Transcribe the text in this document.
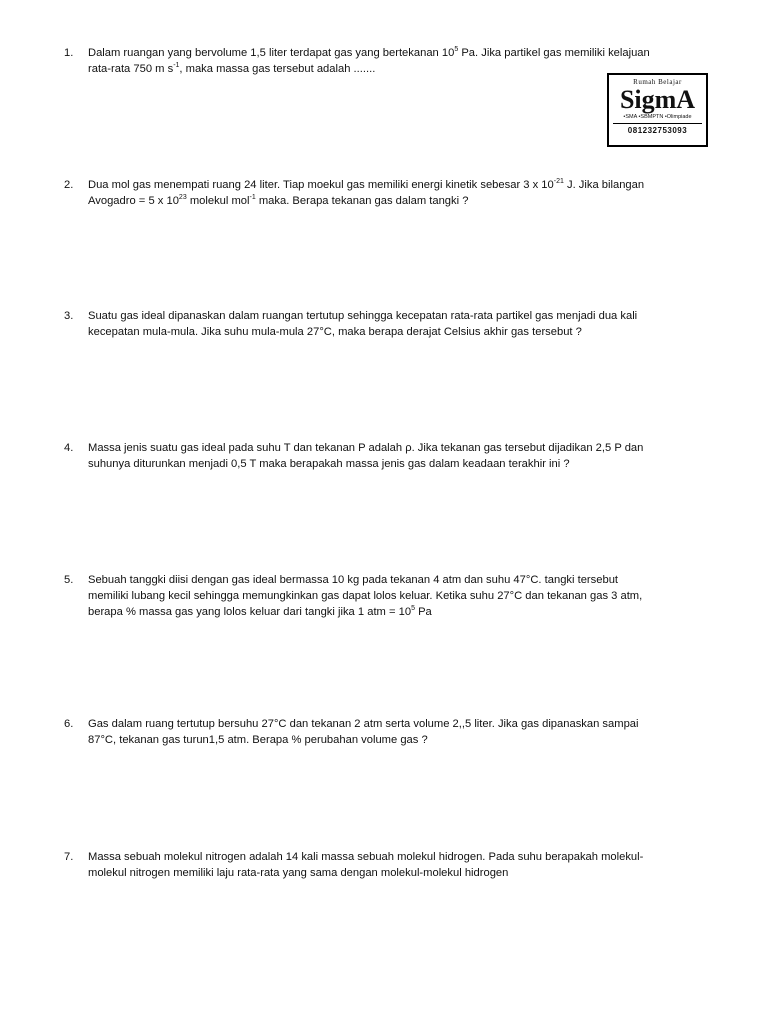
Rumah Belajar
SigmA
•SMA •SBMPTN •Olimpiade
081232753093
1.	Dalam ruangan yang bervolume 1,5 liter terdapat gas yang bertekanan $10^5$ Pa. Jika partikel gas memiliki kelajuan
rata-rata 750 m $s^{-1}$, maka massa gas tersebut adalah .......
2.	Dua mol gas menempati ruang 24 liter. Tiap moekul gas memiliki energi kinetik sebesar 3 x $10^{-21}$ J. Jika bilangan
Avogadro = 5 x $10^{23}$ molekul mol$^{-1}$ maka. Berapa tekanan gas dalam tangki ?
3.	Suatu gas ideal dipanaskan dalam ruangan tertutup sehingga kecepatan rata-rata partikel gas menjadi dua kali
kecepatan mula-mula. Jika suhu mula-mula 27°C, maka berapa derajat Celsius akhir gas tersebut ?
4.	Massa jenis suatu gas ideal pada suhu T dan tekanan P adalah ρ. Jika tekanan gas tersebut dijadikan 2,5 P dan
suhunya diturunkan menjadi 0,5 T maka berapakah massa jenis gas dalam keadaan terakhir ini ?
5.	Sebuah tanggki diisi dengan gas ideal bermassa 10 kg pada tekanan 4 atm dan suhu 47°C. tangki tersebut
memiliki lubang kecil sehingga memungkinkan gas dapat lolos keluar. Ketika suhu 27°C dan tekanan gas 3 atm,
berapa % massa gas yang lolos keluar dari tangki jika 1 atm = $10^5$ Pa
6.	Gas dalam ruang tertutup bersuhu 27°C dan tekanan 2 atm serta volume 2,,5 liter. Jika gas dipanaskan sampai
87°C, tekanan gas turun1,5 atm. Berapa % perubahan volume gas ?
7.	Massa sebuah molekul nitrogen adalah 14 kali massa sebuah molekul hidrogen. Pada suhu berapakah molekul-
molekul nitrogen memiliki laju rata-rata yang sama dengan molekul-molekul hidrogen
